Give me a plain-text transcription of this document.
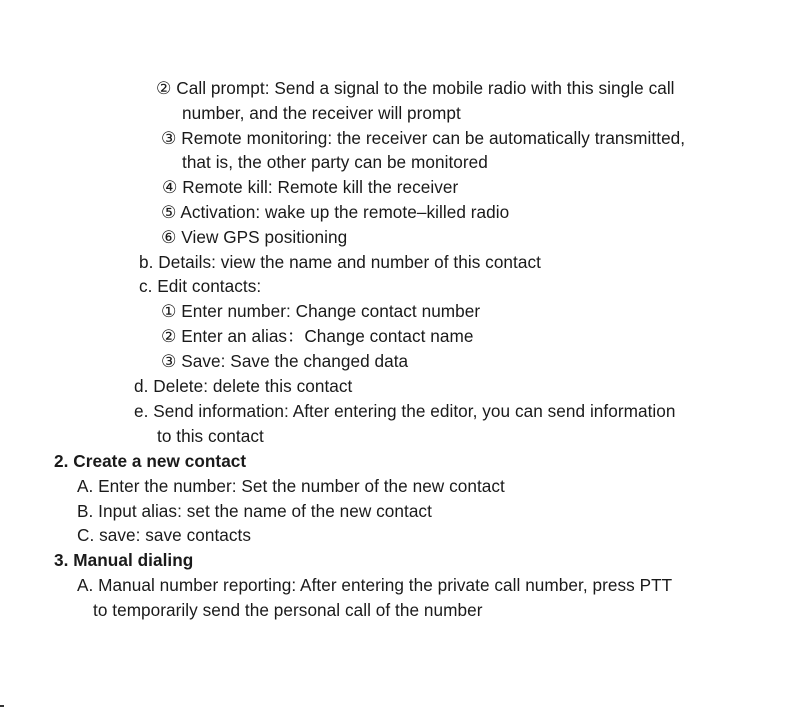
② Call prompt: Send a signal to the mobile radio with this single call
number, and the receiver will prompt
③ Remote monitoring: the receiver can be automatically transmitted,
that is, the other party can be monitored
④ Remote kill: Remote kill the receiver
⑤ Activation: wake up the remote–killed radio
⑥ View GPS positioning
b. Details: view the name and number of this contact
c. Edit contacts:
① Enter number: Change contact number
② Enter an alias：Change contact name
③ Save: Save the changed data
d. Delete: delete this contact
e. Send information: After entering the editor, you can send information
to this contact
2. Create a new contact
A. Enter the number: Set the number of the new contact
B. Input alias: set the name of the new contact
C. save: save contacts
3. Manual dialing
A. Manual number reporting: After entering the private call number, press PTT
to temporarily send the personal call of the number
